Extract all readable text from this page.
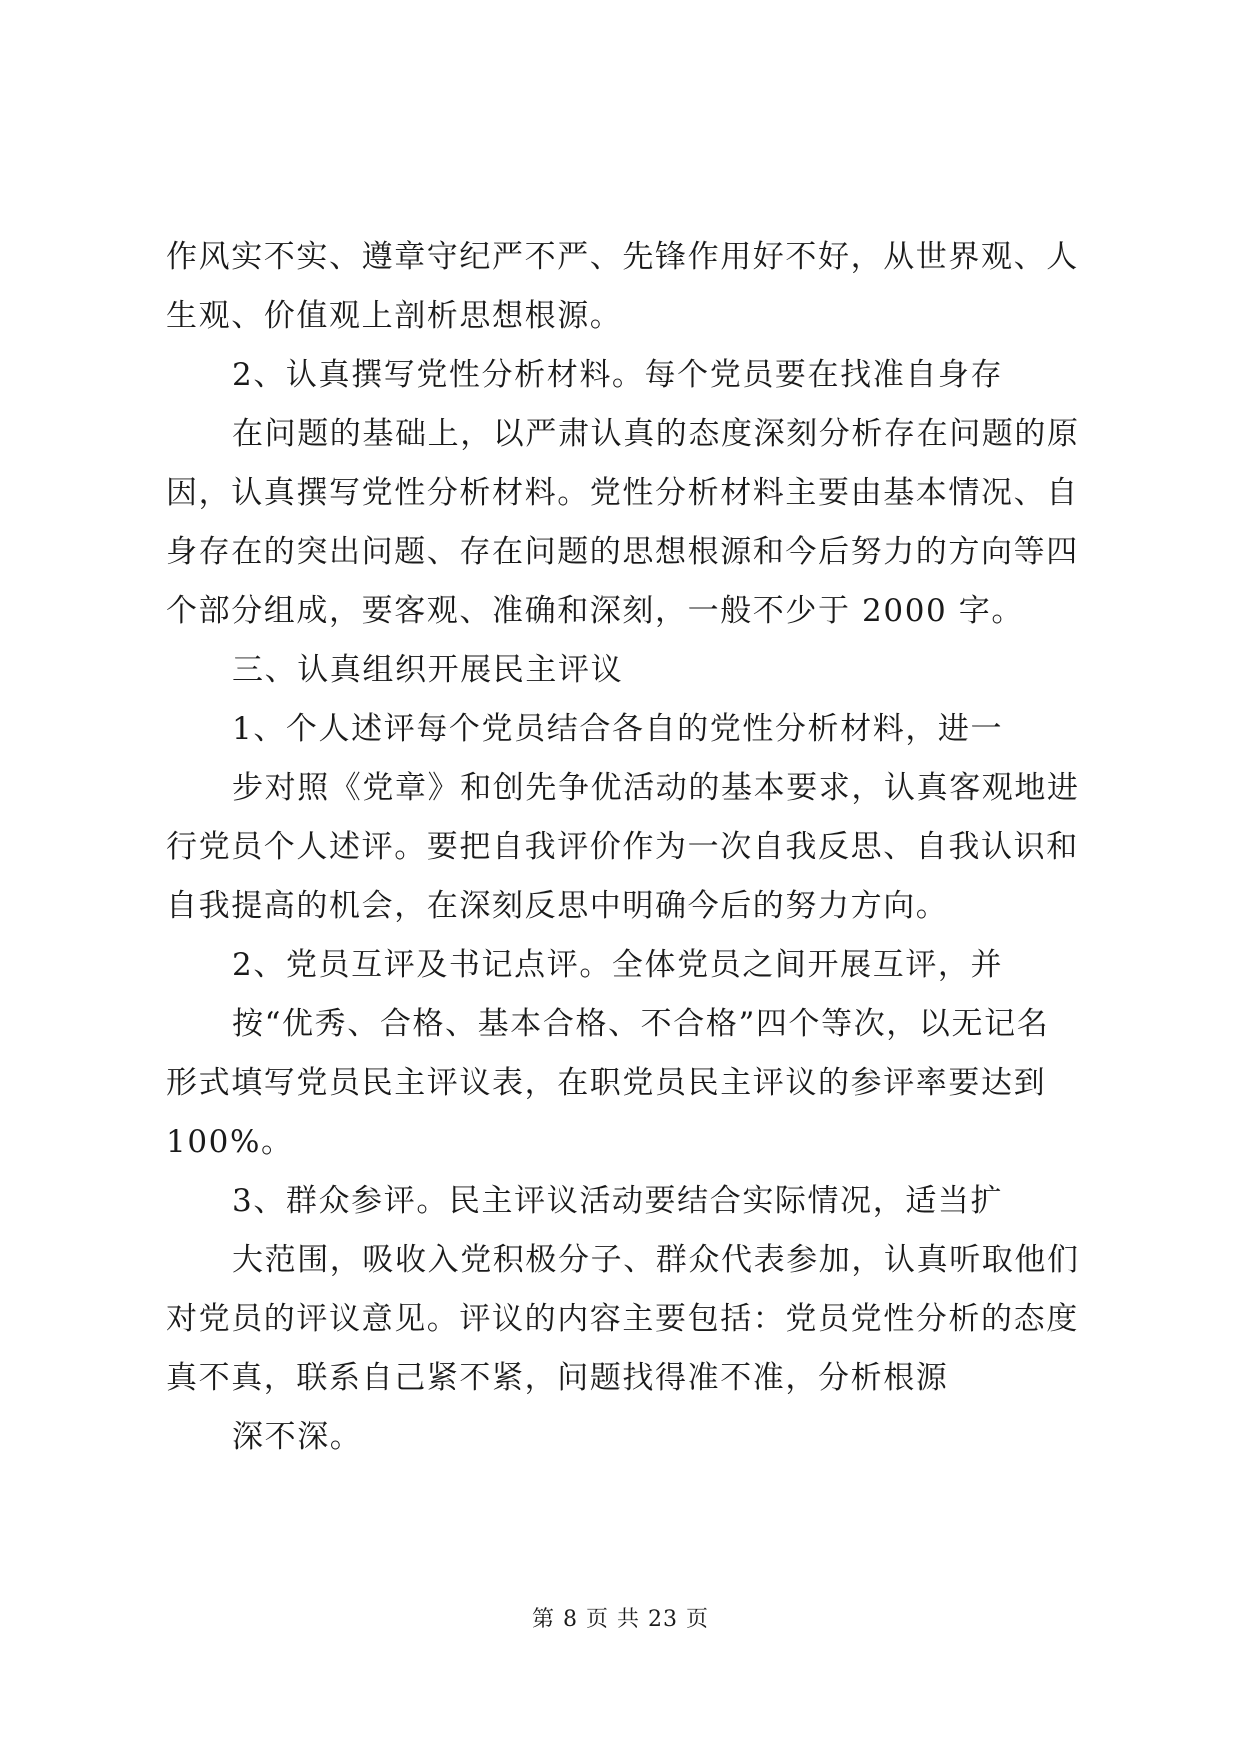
作风实不实、遵章守纪严不严、先锋作用好不好，从世界观、人
生观、价值观上剖析思想根源。
2、认真撰写党性分析材料。每个党员要在找准自身存
在问题的基础上，以严肃认真的态度深刻分析存在问题的原
因，认真撰写党性分析材料。党性分析材料主要由基本情况、自
身存在的突出问题、存在问题的思想根源和今后努力的方向等四
个部分组成，要客观、准确和深刻，一般不少于 2000 字。
三、认真组织开展民主评议
1、个人述评每个党员结合各自的党性分析材料，进一
步对照《党章》和创先争优活动的基本要求，认真客观地进
行党员个人述评。要把自我评价作为一次自我反思、自我认识和
自我提高的机会，在深刻反思中明确今后的努力方向。
2、党员互评及书记点评。全体党员之间开展互评，并
按“优秀、合格、基本合格、不合格”四个等次，以无记名
形式填写党员民主评议表，在职党员民主评议的参评率要达到
100%。
3、群众参评。民主评议活动要结合实际情况，适当扩
大范围，吸收入党积极分子、群众代表参加，认真听取他们
对党员的评议意见。评议的内容主要包括：党员党性分析的态度
真不真，联系自己紧不紧，问题找得准不准，分析根源
深不深。
第 8 页 共 23 页
